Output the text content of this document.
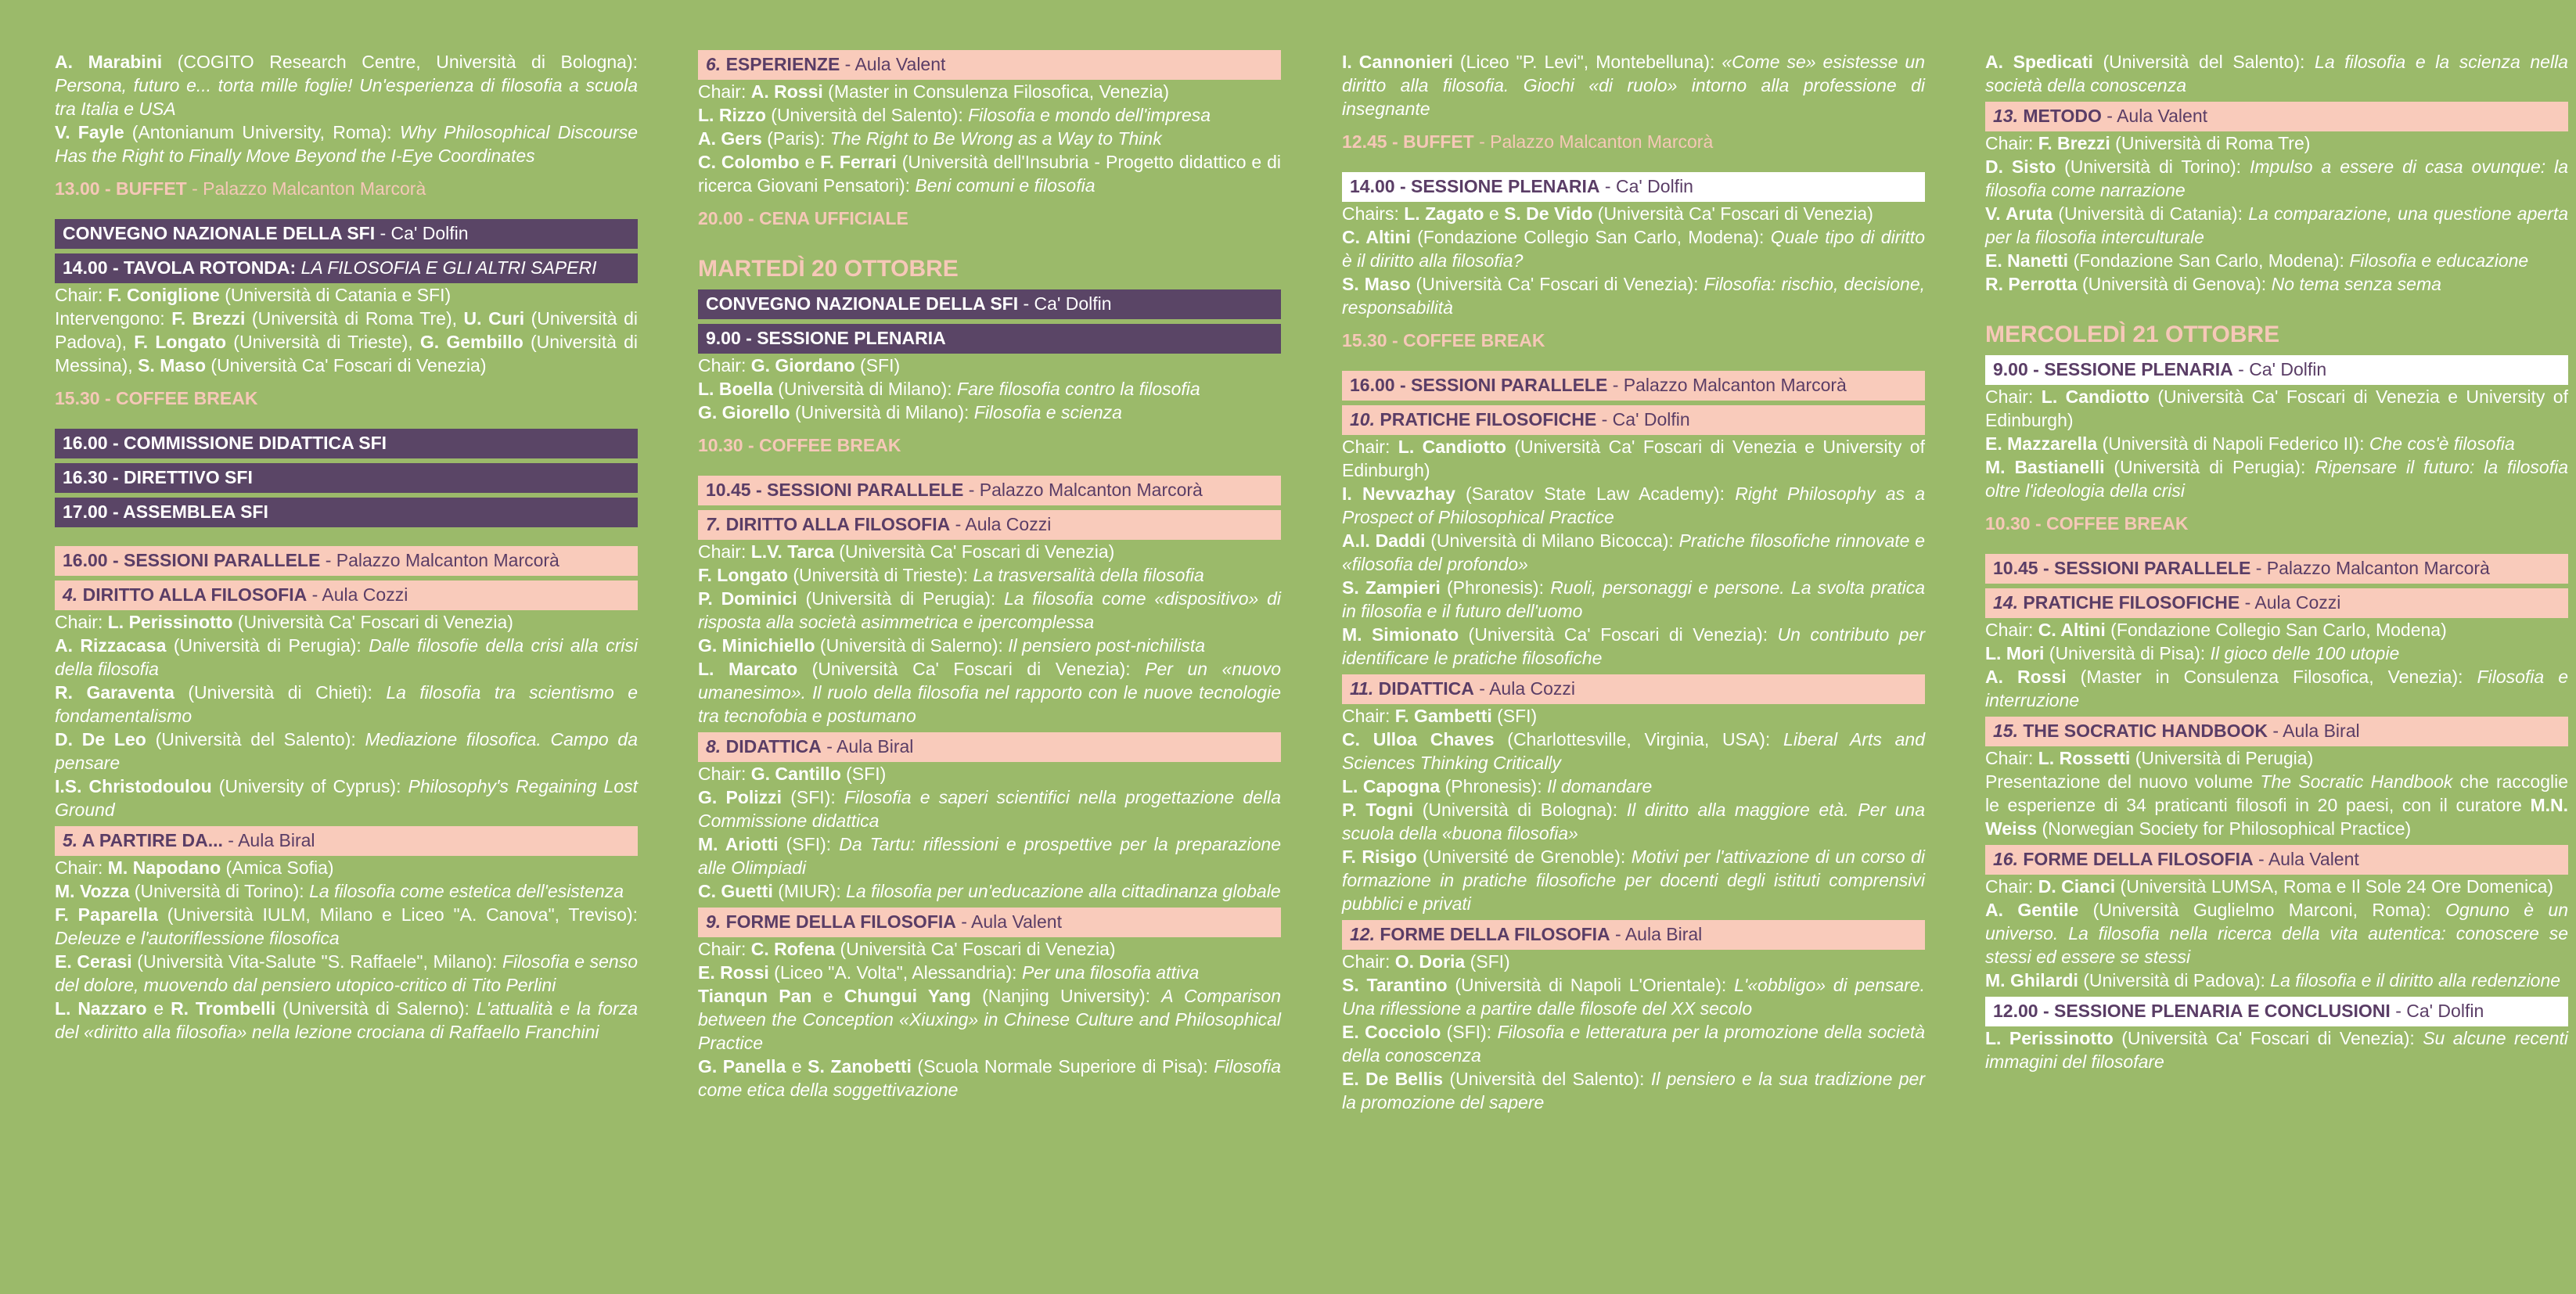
A. Marabini (COGITO Research Centre, Università di Bologna): Persona, futuro e... torta mille foglie! Un'esperienza di filosofia a scuola tra Italia e USA
V. Fayle (Antonianum University, Roma): Why Philosophical Discourse Has the Right to Finally Move Beyond the I-Eye Coordinates
13.00 - BUFFET - Palazzo Malcanton Marcorà
CONVEGNO NAZIONALE DELLA SFI - Ca' Dolfin
14.00 - TAVOLA ROTONDA: LA FILOSOFIA E GLI ALTRI SAPERI
Chair: F. Coniglione (Università di Catania e SFI)
Intervengono: F. Brezzi (Università di Roma Tre), U. Curi (Università di Padova), F. Longato (Università di Trieste), G. Gembillo (Università di Messina), S. Maso (Università Ca' Foscari di Venezia)
15.30 - COFFEE BREAK
16.00 - COMMISSIONE DIDATTICA SFI
16.30 - DIRETTIVO SFI
17.00 - ASSEMBLEA SFI
16.00 - SESSIONI PARALLELE - Palazzo Malcanton Marcorà
4. DIRITTO ALLA FILOSOFIA - Aula Cozzi
Chair: L. Perissinotto (Università Ca' Foscari di Venezia)
A. Rizzacasa (Università di Perugia): Dalle filosofie della crisi alla crisi della filosofia
R. Garaventa (Università di Chieti): La filosofia tra scientismo e fondamentalismo
D. De Leo (Università del Salento): Mediazione filosofica. Campo da pensare
I.S. Christodoulou (University of Cyprus): Philosophy's Regaining Lost Ground
5. A PARTIRE DA... - Aula Biral
Chair: M. Napodano (Amica Sofia)
M. Vozza (Università di Torino): La filosofia come estetica dell'esistenza
F. Paparella (Università IULM, Milano e Liceo "A. Canova", Treviso): Deleuze e l'autoriflessione filosofica
E. Cerasi (Università Vita-Salute "S. Raffaele", Milano): Filosofia e senso del dolore, muovendo dal pensiero utopico-critico di Tito Perlini
L. Nazzaro e R. Trombelli (Università di Salerno): L'attualità e la forza del «diritto alla filosofia» nella lezione crociana di Raffaello Franchini
6. ESPERIENZE - Aula Valent
Chair: A. Rossi (Master in Consulenza Filosofica, Venezia)
L. Rizzo (Università del Salento): Filosofia e mondo dell'impresa
A. Gers (Paris): The Right to Be Wrong as a Way to Think
C. Colombo e F. Ferrari (Università dell'Insubria - Progetto didattico e di ricerca Giovani Pensatori): Beni comuni e filosofia
20.00 - CENA UFFICIALE
MARTEDÌ 20 OTTOBRE
CONVEGNO NAZIONALE DELLA SFI - Ca' Dolfin
9.00 - SESSIONE PLENARIA
Chair: G. Giordano (SFI)
L. Boella (Università di Milano): Fare filosofia contro la filosofia
G. Giorello (Università di Milano): Filosofia e scienza
10.30 - COFFEE BREAK
10.45 - SESSIONI PARALLELE - Palazzo Malcanton Marcorà
7. DIRITTO ALLA FILOSOFIA - Aula Cozzi
Chair: L.V. Tarca (Università Ca' Foscari di Venezia)
F. Longato (Università di Trieste): La trasversalità della filosofia
P. Dominici (Università di Perugia): La filosofia come «dispositivo» di risposta alla società asimmetrica e ipercomplessa
G. Minichiello (Università di Salerno): Il pensiero post-nichilista
L. Marcato (Università Ca' Foscari di Venezia): Per un «nuovo umanesimo». Il ruolo della filosofia nel rapporto con le nuove tecnologie tra tecnofobia e postumano
8. DIDATTICA - Aula Biral
Chair: G. Cantillo (SFI)
G. Polizzi (SFI): Filosofia e saperi scientifici nella progettazione della Commissione didattica
M. Ariotti (SFI): Da Tartu: riflessioni e prospettive per la preparazione alle Olimpiadi
C. Guetti (MIUR): La filosofia per un'educazione alla cittadinanza globale
9. FORME DELLA FILOSOFIA - Aula Valent
Chair: C. Rofena (Università Ca' Foscari di Venezia)
E. Rossi (Liceo "A. Volta", Alessandria): Per una filosofia attiva
Tianqun Pan e Chungui Yang (Nanjing University): A Comparison between the Conception «Xiuxing» in Chinese Culture and Philosophical Practice
G. Panella e S. Zanobetti (Scuola Normale Superiore di Pisa): Filosofia come etica della soggettivazione
I. Cannonieri (Liceo "P. Levi", Montebelluna): «Come se» esistesse un diritto alla filosofia. Giochi «di ruolo» intorno alla professione di insegnante
12.45 - BUFFET - Palazzo Malcanton Marcorà
14.00 - SESSIONE PLENARIA - Ca' Dolfin
Chairs: L. Zagato e S. De Vido (Università Ca' Foscari di Venezia)
C. Altini (Fondazione Collegio San Carlo, Modena): Quale tipo di diritto è il diritto alla filosofia?
S. Maso (Università Ca' Foscari di Venezia): Filosofia: rischio, decisione, responsabilità
15.30 - COFFEE BREAK
16.00 - SESSIONI PARALLELE - Palazzo Malcanton Marcorà
10. PRATICHE FILOSOFICHE - Ca' Dolfin
Chair: L. Candiotto (Università Ca' Foscari di Venezia e University of Edinburgh)
I. Nevvazhay (Saratov State Law Academy): Right Philosophy as a Prospect of Philosophical Practice
A.I. Daddi (Università di Milano Bicocca): Pratiche filosofiche rinnovate e «filosofia del profondo»
S. Zampieri (Phronesis): Ruoli, personaggi e persone. La svolta pratica in filosofia e il futuro dell'uomo
M. Simionato (Università Ca' Foscari di Venezia): Un contributo per identificare le pratiche filosofiche
11. DIDATTICA - Aula Cozzi
Chair: F. Gambetti (SFI)
C. Ulloa Chaves (Charlottesville, Virginia, USA): Liberal Arts and Sciences Thinking Critically
L. Capogna (Phronesis): Il domandare
P. Togni (Università di Bologna): Il diritto alla maggiore età. Per una scuola della «buona filosofia»
F. Risigo (Université de Grenoble): Motivi per l'attivazione di un corso di formazione in pratiche filosofiche per docenti degli istituti comprensivi pubblici e privati
12. FORME DELLA FILOSOFIA - Aula Biral
Chair: O. Doria (SFI)
S. Tarantino (Università di Napoli L'Orientale): L'«obbligo» di pensare. Una riflessione a partire dalle filosofe del XX secolo
E. Cocciolo (SFI): Filosofia e letteratura per la promozione della società della conoscenza
E. De Bellis (Università del Salento): Il pensiero e la sua tradizione per la promozione del sapere
A. Spedicati (Università del Salento): La filosofia e la scienza nella società della conoscenza
13. METODO - Aula Valent
Chair: F. Brezzi (Università di Roma Tre)
D. Sisto (Università di Torino): Impulso a essere di casa ovunque: la filosofia come narrazione
V. Aruta (Università di Catania): La comparazione, una questione aperta per la filosofia interculturale
E. Nanetti (Fondazione San Carlo, Modena): Filosofia e educazione
R. Perrotta (Università di Genova): No tema senza sema
MERCOLEDÌ 21 OTTOBRE
9.00 - SESSIONE PLENARIA - Ca' Dolfin
Chair: L. Candiotto (Università Ca' Foscari di Venezia e University of Edinburgh)
E. Mazzarella (Università di Napoli Federico II): Che cos'è filosofia
M. Bastianelli (Università di Perugia): Ripensare il futuro: la filosofia oltre l'ideologia della crisi
10.30 - COFFEE BREAK
10.45 - SESSIONI PARALLELE - Palazzo Malcanton Marcorà
14. PRATICHE FILOSOFICHE - Aula Cozzi
Chair: C. Altini (Fondazione Collegio San Carlo, Modena)
L. Mori (Università di Pisa): Il gioco delle 100 utopie
A. Rossi (Master in Consulenza Filosofica, Venezia): Filosofia e interruzione
15. THE SOCRATIC HANDBOOK - Aula Biral
Chair: L. Rossetti (Università di Perugia)
Presentazione del nuovo volume The Socratic Handbook che raccoglie le esperienze di 34 praticanti filosofi in 20 paesi, con il curatore M.N. Weiss (Norwegian Society for Philosophical Practice)
16. FORME DELLA FILOSOFIA - Aula Valent
Chair: D. Cianci (Università LUMSA, Roma e Il Sole 24 Ore Domenica)
A. Gentile (Università Guglielmo Marconi, Roma): Ognuno è un universo. La filosofia nella ricerca della vita autentica: conoscere se stessi ed essere se stessi
M. Ghilardi (Università di Padova): La filosofia e il diritto alla redenzione
12.00 - SESSIONE PLENARIA E CONCLUSIONI - Ca' Dolfin
L. Perissinotto (Università Ca' Foscari di Venezia): Su alcune recenti immagini del filosofare
